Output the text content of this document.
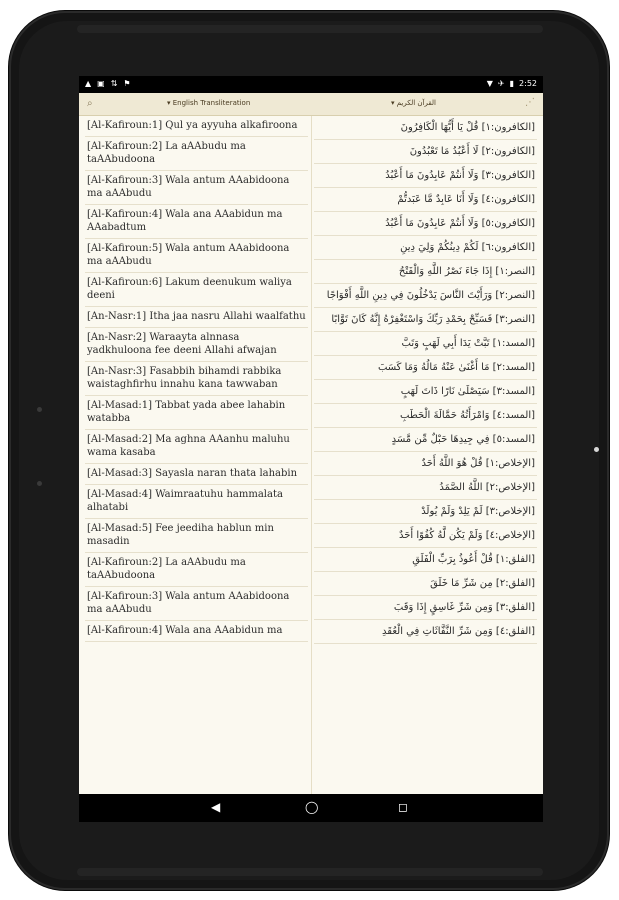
▲ ▣ ⇅ ⚑	▼ ✈ ▮ 2:52
⌕	▾ English Transliteration	القرآن الكريم ▾	⋰
[Al-Kafiroun:1] Qul ya ayyuha alkafiroona
[Al-Kafiroun:2] La aAAbudu ma taAAbudoona
[Al-Kafiroun:3] Wala antum AAabidoona ma aAAbudu
[Al-Kafiroun:4] Wala ana AAabidun ma AAabadtum
[Al-Kafiroun:5] Wala antum AAabidoona ma aAAbudu
[Al-Kafiroun:6] Lakum deenukum waliya deeni
[An-Nasr:1] Itha jaa nasru Allahi waalfathu
[An-Nasr:2] Waraayta alnnasa yadkhuloona fee deeni Allahi afwajan
[An-Nasr:3] Fasabbih bihamdi rabbika waistaghfirhu innahu kana tawwaban
[Al-Masad:1] Tabbat yada abee lahabin watabba
[Al-Masad:2] Ma aghna AAanhu maluhu wama kasaba
[Al-Masad:3] Sayasla naran thata lahabin
[Al-Masad:4] Waimraatuhu hammalata alhatabi
[Al-Masad:5] Fee jeediha hablun min masadin
[Al-Kafiroun:2] La aAAbudu ma taAAbudoona
[Al-Kafiroun:3] Wala antum AAabidoona ma aAAbudu
[Al-Kafiroun:4] Wala ana AAabidun ma
[الكافرون:١] قُلْ يَا أَيُّهَا الْكَافِرُونَ
[الكافرون:٢] لَا أَعْبُدُ مَا تَعْبُدُونَ
[الكافرون:٣] وَلَا أَنتُمْ عَابِدُونَ مَا أَعْبُدُ
[الكافرون:٤] وَلَا أَنَا عَابِدٌ مَّا عَبَدتُّمْ
[الكافرون:٥] وَلَا أَنتُمْ عَابِدُونَ مَا أَعْبُدُ
[الكافرون:٦] لَكُمْ دِينُكُمْ وَلِيَ دِينِ
[النصر:١] إِذَا جَاءَ نَصْرُ اللَّهِ وَالْفَتْحُ
[النصر:٢] وَرَأَيْتَ النَّاسَ يَدْخُلُونَ فِي دِينِ اللَّهِ أَفْوَاجًا
[النصر:٣] فَسَبِّحْ بِحَمْدِ رَبِّكَ وَاسْتَغْفِرْهُ إِنَّهُ كَانَ تَوَّابًا
[المسد:١] تَبَّتْ يَدَا أَبِي لَهَبٍ وَتَبَّ
[المسد:٢] مَا أَغْنَىٰ عَنْهُ مَالُهُ وَمَا كَسَبَ
[المسد:٣] سَيَصْلَىٰ نَارًا ذَاتَ لَهَبٍ
[المسد:٤] وَامْرَأَتُهُ حَمَّالَةَ الْحَطَبِ
[المسد:٥] فِي جِيدِهَا حَبْلٌ مِّن مَّسَدٍ
[الإخلاص:١] قُلْ هُوَ اللَّهُ أَحَدٌ
[الإخلاص:٢] اللَّهُ الصَّمَدُ
[الإخلاص:٣] لَمْ يَلِدْ وَلَمْ يُولَدْ
[الإخلاص:٤] وَلَمْ يَكُن لَّهُ كُفُوًا أَحَدٌ
[الفلق:١] قُلْ أَعُوذُ بِرَبِّ الْفَلَقِ
[الفلق:٢] مِن شَرِّ مَا خَلَقَ
[الفلق:٣] وَمِن شَرِّ غَاسِقٍ إِذَا وَقَبَ
[الفلق:٤] وَمِن شَرِّ النَّفَّاثَاتِ فِي الْعُقَدِ
◀	◯	◻
